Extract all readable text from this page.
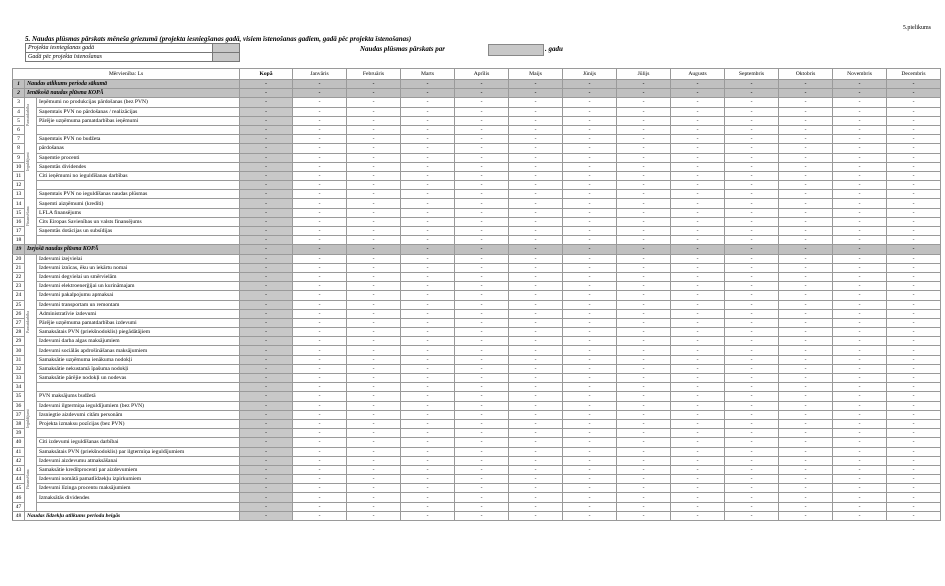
5.pielikums
5. Naudas plūsmas pārskats mēneša griezumā (projekta iesniegšanas gadā, visiem īstenošanas gadiem, gadā pēc projekta īstenošanas)
Projekta iesniegšanas gadā	
Gadā pēc projekta īstenošanas	
Naudas plūsmas pārskats par	. gadu
Mērvienība: Ls			Kopā	Janvāris	Februāris	Marts	Aprīlis	Maijs	Jūnijs	Jūlijs	Augusts	Septembris	Oktobris	Novembris	Decembris
1	Naudas atlikums perioda sākumā		-	-	-	-	-	-	-	-	-	-	-	-	-
2	Ienākošā naudas plūsma KOPĀ		-	-	-	-	-	-	-	-	-	-	-	-	-
3		Ieņēmumi no produkcijas pārdošanas (bez PVN)	-	-	-	-	-	-	-	-	-	-	-	-	-
4		Saņemtais PVN no pārdošanas / realizācijas	-	-	-	-	-	-	-	-	-	-	-	-	-
5		Pārējie uzņēmuma pamatdarbības ieņēmumi	-	-	-	-	-	-	-	-	-	-	-	-	-
6			-	-	-	-	-	-	-	-	-	-	-	-	-
7		Saņemtais PVN no budžeta	-	-	-	-	-	-	-	-	-	-	-	-	-
8		pārdošanas	-	-	-	-	-	-	-	-	-	-	-	-	-
9		Saņemtie procenti	-	-	-	-	-	-	-	-	-	-	-	-	-
10		Saņemtās dividendes	-	-	-	-	-	-	-	-	-	-	-	-	-
11		Citi ieņēmumi no ieguldīšanas darbības	-	-	-	-	-	-	-	-	-	-	-	-	-
12			-	-	-	-	-	-	-	-	-	-	-	-	-
13		Saņemtais PVN no ieguldīšanas naudas plūsmas	-	-	-	-	-	-	-	-	-	-	-	-	-
14		Saņemti aizņēmumi (kredīti)	-	-	-	-	-	-	-	-	-	-	-	-	-
15		LFLA finansējums	-	-	-	-	-	-	-	-	-	-	-	-	-
16		Cits Eiropas Savienības un valsts finansējums	-	-	-	-	-	-	-	-	-	-	-	-	-
17		Saņemtās dotācijas un subsīdijas	-	-	-	-	-	-	-	-	-	-	-	-	-
18			-	-	-	-	-	-	-	-	-	-	-	-	-
19	Izejošā naudas plūsma KOPĀ		-	-	-	-	-	-	-	-	-	-	-	-	-
20		Izdevumi izejvielai	-	-	-	-	-	-	-	-	-	-	-	-	-
21		Izdevumi iznīcas, ēku un iekārtu nomai	-	-	-	-	-	-	-	-	-	-	-	-	-
22		Izdevumi degvielai un smērvielām	-	-	-	-	-	-	-	-	-	-	-	-	-
23		Izdevumi elektroenerģijai un kurināmajam	-	-	-	-	-	-	-	-	-	-	-	-	-
24		Izdevumi pakalpojumu apmaksai	-	-	-	-	-	-	-	-	-	-	-	-	-
25		Izdevumi transportam un remontam	-	-	-	-	-	-	-	-	-	-	-	-	-
26		Administratīvie izdevumi	-	-	-	-	-	-	-	-	-	-	-	-	-
27		Pārējie uzņēmuma pamatdarbības izdevumi	-	-	-	-	-	-	-	-	-	-	-	-	-
28		Samaksātais PVN (priekšnodoklis) piegādātājiem	-	-	-	-	-	-	-	-	-	-	-	-	-
29		Izdevumi darba algas maksājumiem	-	-	-	-	-	-	-	-	-	-	-	-	-
30		Izdevumi sociālās apdrošināšanas maksājumiem	-	-	-	-	-	-	-	-	-	-	-	-	-
31		Samaksātie uzņēmuma ienākuma nodokļi	-	-	-	-	-	-	-	-	-	-	-	-	-
32		Samaksātie nekustamā īpašuma nodokļi	-	-	-	-	-	-	-	-	-	-	-	-	-
33		Samaksātie pārējie nodokļi un nodevas	-	-	-	-	-	-	-	-	-	-	-	-	-
34			-	-	-	-	-	-	-	-	-	-	-	-	-
35		PVN maksājums budžetā	-	-	-	-	-	-	-	-	-	-	-	-	-
36		Izdevumi ilgtermiņa ieguldījumiem (bez PVN)	-	-	-	-	-	-	-	-	-	-	-	-	-
37		Izsniegtie aizdevumi citām personām	-	-	-	-	-	-	-	-	-	-	-	-	-
38		Projekta izmaksu pozīcijas (bez PVN)	-	-	-	-	-	-	-	-	-	-	-	-	-
39			-	-	-	-	-	-	-	-	-	-	-	-	-
40		Citi izdevumi ieguldīšanas darbībai	-	-	-	-	-	-	-	-	-	-	-	-	-
41		Samaksātais PVN (priekšnodoklis) par ilgtermiņa ieguldījumiem	-	-	-	-	-	-	-	-	-	-	-	-	-
42		Izdevumi aizdevumu atmaksāšanai	-	-	-	-	-	-	-	-	-	-	-	-	-
43		Samaksātie kredītprocenti par aizdevumiem	-	-	-	-	-	-	-	-	-	-	-	-	-
44		Izdevumi nomātā pamatlīdzekļu izpirkumiem	-	-	-	-	-	-	-	-	-	-	-	-	-
45		Izdevumi līzinga procentu maksājumiem	-	-	-	-	-	-	-	-	-	-	-	-	-
46		Izmaksātās dividendes	-	-	-	-	-	-	-	-	-	-	-	-	-
47			-	-	-	-	-	-	-	-	-	-	-	-	-
48	Naudas līdzekļu atlikums perioda beigās		-	-	-	-	-	-	-	-	-	-	-	-	-
Pamatdarbība
Ieguldījumi
Finansēšana
Pamatdarbība
Ieguldījumi
Finansēšana
